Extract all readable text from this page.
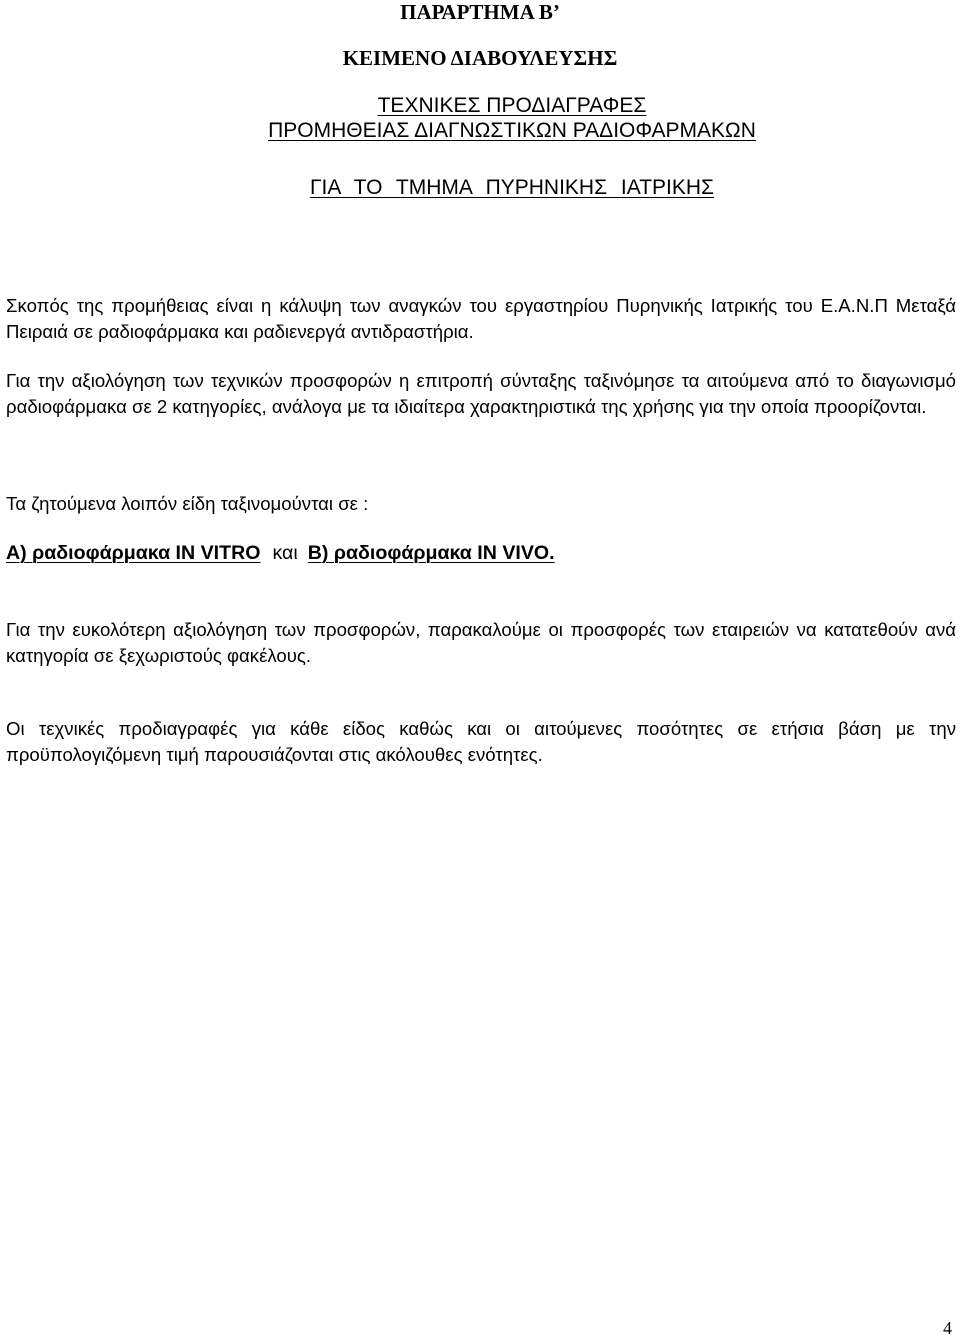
ΠΑΡΑΡΤΗΜΑ Β’
ΚΕΙΜΕΝΟ ΔΙΑΒΟΥΛΕΥΣΗΣ
ΤΕΧΝΙΚΕΣ ΠΡΟΔΙΑΓΡΑΦΕΣ
ΠΡΟΜΗΘΕΙΑΣ ΔΙΑΓΝΩΣΤΙΚΩΝ ΡΑΔΙΟΦΑΡΜΑΚΩΝ
ΓΙΑ ΤΟ ΤΜΗΜΑ ΠΥΡΗΝΙΚΗΣ ΙΑΤΡΙΚΗΣ

Σκοπός της προμήθειας είναι η κάλυψη των αναγκών του εργαστηρίου Πυρηνικής Ιατρικής του Ε.Α.Ν.Π Μεταξά Πειραιά σε ραδιοφάρμακα και ραδιενεργά αντιδραστήρια.

Για την αξιολόγηση των τεχνικών προσφορών η επιτροπή σύνταξης ταξινόμησε τα αιτούμενα από το διαγωνισμό ραδιοφάρμακα σε 2 κατηγορίες, ανάλογα με τα ιδιαίτερα χαρακτηριστικά της χρήσης για την οποία προορίζονται.

Τα ζητούμενα λοιπόν είδη ταξινομούνται σε :

Α) ραδιοφάρμακα IN VITRO και Β) ραδιοφάρμακα IN VIVO.

Για την ευκολότερη αξιολόγηση των προσφορών, παρακαλούμε οι προσφορές των εταιρειών να κατατεθούν ανά κατηγορία σε ξεχωριστούς φακέλους.

Οι τεχνικές προδιαγραφές για κάθε είδος καθώς και οι αιτούμενες ποσότητες σε ετήσια βάση με την προϋπολογιζόμενη τιμή παρουσιάζονται στις ακόλουθες ενότητες.

4
